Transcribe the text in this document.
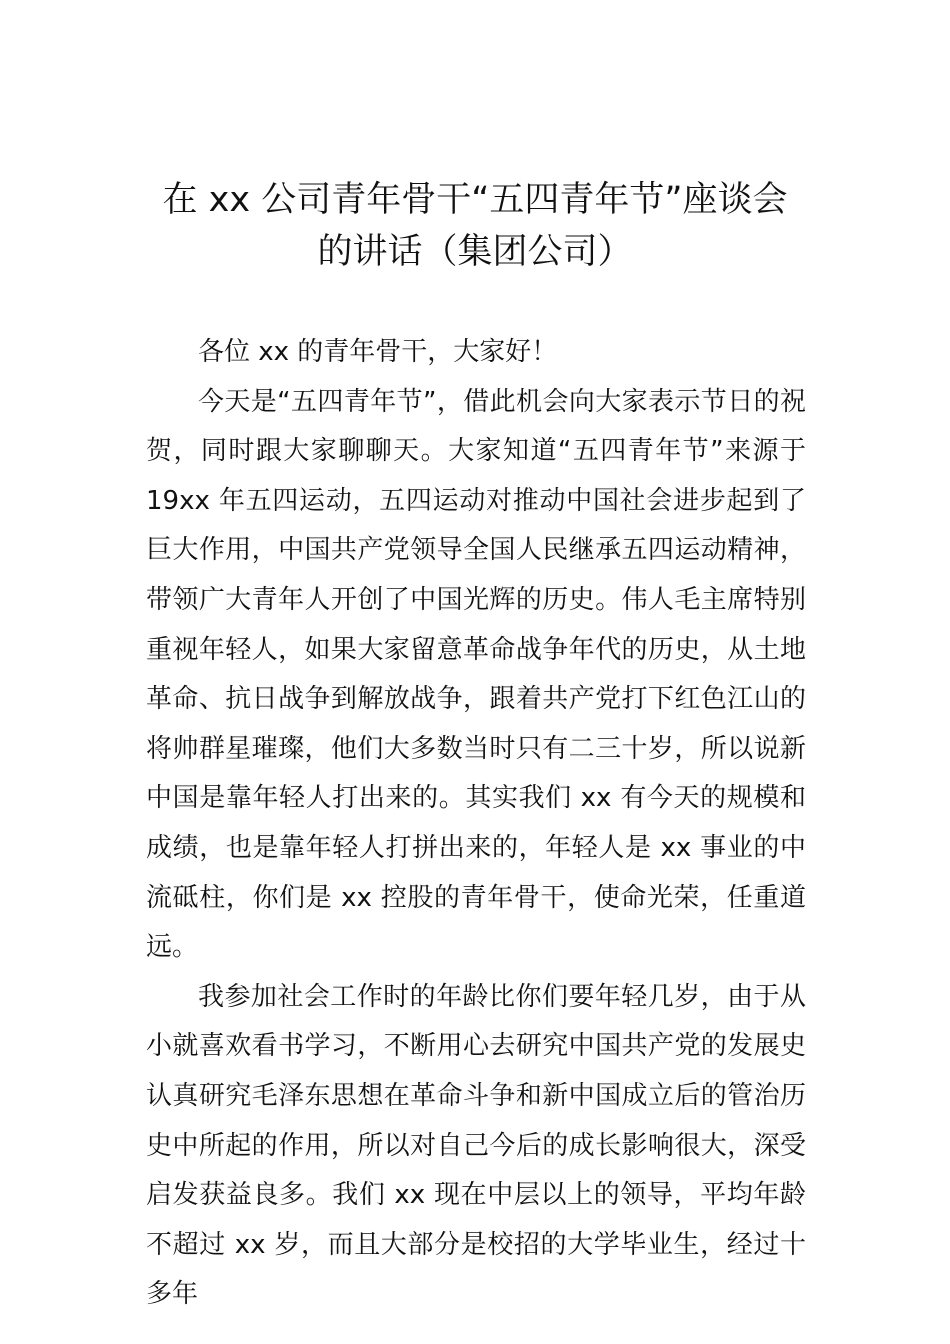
在 xx 公司青年骨干“五四青年节”座谈会
的讲话（集团公司）

各位 xx 的青年骨干，大家好！

今天是“五四青年节”，借此机会向大家表示节日的祝贺，同时跟大家聊聊天。大家知道“五四青年节”来源于 19xx 年五四运动，五四运动对推动中国社会进步起到了巨大作用，中国共产党领导全国人民继承五四运动精神，带领广大青年人开创了中国光辉的历史。伟人毛主席特别重视年轻人，如果大家留意革命战争年代的历史，从土地革命、抗日战争到解放战争，跟着共产党打下红色江山的将帅群星璀璨，他们大多数当时只有二三十岁，所以说新中国是靠年轻人打出来的。其实我们 xx 有今天的规模和成绩，也是靠年轻人打拼出来的，年轻人是 xx 事业的中流砥柱，你们是 xx 控股的青年骨干，使命光荣，任重道远。

我参加社会工作时的年龄比你们要年轻几岁，由于从小就喜欢看书学习，不断用心去研究中国共产党的发展史认真研究毛泽东思想在革命斗争和新中国成立后的管治历史中所起的作用，所以对自己今后的成长影响很大，深受启发获益良多。我们 xx 现在中层以上的领导，平均年龄不超过 xx 岁，而且大部分是校招的大学毕业生，经过十多年
